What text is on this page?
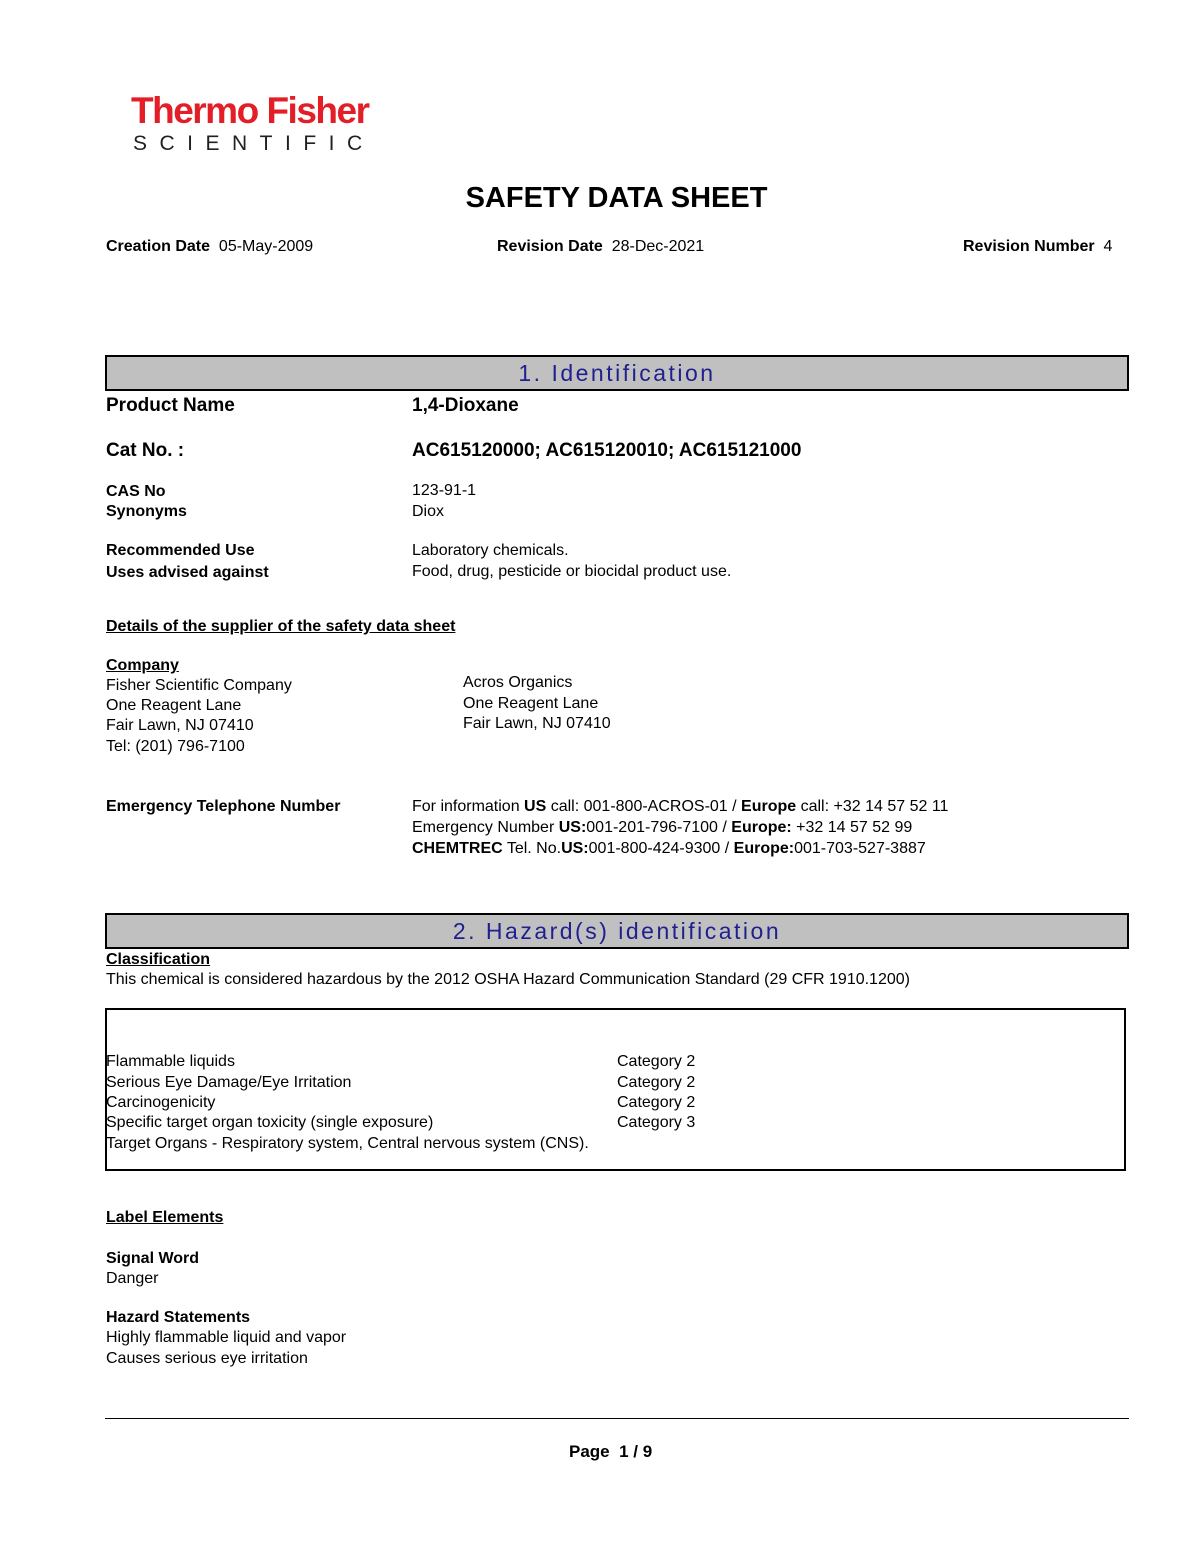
Thermo Fisher
SCIENTIFIC
SAFETY DATA SHEET
Creation Date 05-May-2009	Revision Date 28-Dec-2021	Revision Number 4
1. Identification
Product Name	1,4-Dioxane
Cat No. :	AC615120000; AC615120010; AC615121000
CAS No	123-91-1
Synonyms	Diox
Recommended Use	Laboratory chemicals.
Uses advised against	Food, drug, pesticide or biocidal product use.
Details of the supplier of the safety data sheet
Company
Fisher Scientific Company
One Reagent Lane
Fair Lawn, NJ 07410
Tel: (201) 796-7100
Acros Organics
One Reagent Lane
Fair Lawn, NJ 07410
Emergency Telephone Number	For information US call: 001-800-ACROS-01 / Europe call: +32 14 57 52 11
Emergency Number US:001-201-796-7100 / Europe: +32 14 57 52 99
CHEMTREC Tel. No.US:001-800-424-9300 / Europe:001-703-527-3887
2. Hazard(s) identification
Classification
This chemical is considered hazardous by the 2012 OSHA Hazard Communication Standard (29 CFR 1910.1200)
Flammable liquids	Category 2
Serious Eye Damage/Eye Irritation	Category 2
Carcinogenicity	Category 2
Specific target organ toxicity (single exposure)	Category 3
Target Organs - Respiratory system, Central nervous system (CNS).
Label Elements
Signal Word
Danger
Hazard Statements
Highly flammable liquid and vapor
Causes serious eye irritation
Page 1 / 9
